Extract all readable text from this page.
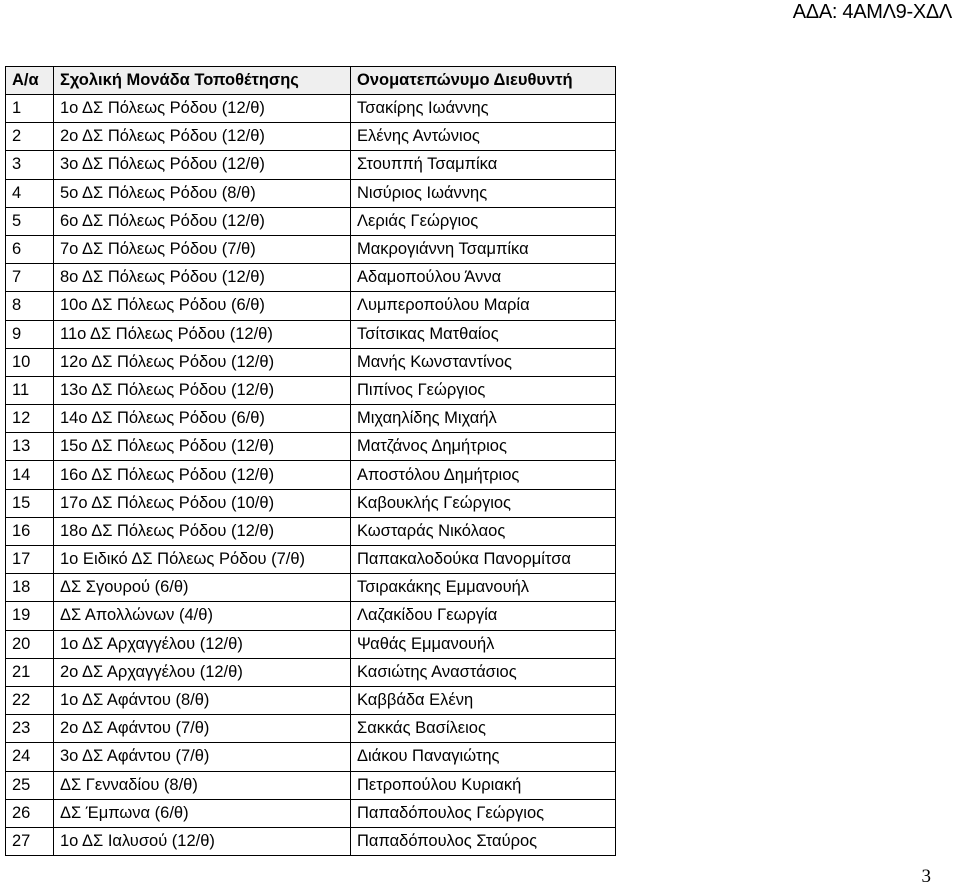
ΑΔΑ: 4ΑΜΛ9-ΧΔΛ
Α/α	Σχολική Μονάδα Τοποθέτησης	Ονοματεπώνυμο Διευθυντή
1	1ο ΔΣ Πόλεως Ρόδου (12/θ)	Τσακίρης Ιωάννης
2	2ο ΔΣ Πόλεως Ρόδου (12/θ)	Ελένης Αντώνιος
3	3ο ΔΣ Πόλεως Ρόδου (12/θ)	Στουππή Τσαμπίκα
4	5ο ΔΣ Πόλεως Ρόδου (8/θ)	Νισύριος Ιωάννης
5	6ο ΔΣ Πόλεως Ρόδου (12/θ)	Λεριάς Γεώργιος
6	7ο ΔΣ Πόλεως Ρόδου (7/θ)	Μακρογιάννη Τσαμπίκα
7	8ο ΔΣ Πόλεως Ρόδου (12/θ)	Αδαμοπούλου Άννα
8	10ο ΔΣ Πόλεως Ρόδου (6/θ)	Λυμπεροπούλου Μαρία
9	11ο ΔΣ Πόλεως Ρόδου (12/θ)	Τσίτσικας Ματθαίος
10	12ο ΔΣ Πόλεως Ρόδου (12/θ)	Μανής Κωνσταντίνος
11	13ο ΔΣ Πόλεως Ρόδου (12/θ)	Πιπίνος Γεώργιος
12	14ο ΔΣ Πόλεως Ρόδου (6/θ)	Μιχαηλίδης Μιχαήλ
13	15ο ΔΣ Πόλεως Ρόδου (12/θ)	Ματζάνος Δημήτριος
14	16ο ΔΣ Πόλεως Ρόδου (12/θ)	Αποστόλου Δημήτριος
15	17ο ΔΣ Πόλεως Ρόδου (10/θ)	Καβουκλής Γεώργιος
16	18ο ΔΣ Πόλεως Ρόδου (12/θ)	Κωσταράς Νικόλαος
17	1ο Ειδικό ΔΣ Πόλεως Ρόδου (7/θ)	Παπακαλοδούκα Πανορμίτσα
18	ΔΣ Σγουρού (6/θ)	Τσιρακάκης Εμμανουήλ
19	ΔΣ Απολλώνων (4/θ)	Λαζακίδου Γεωργία
20	1ο ΔΣ Αρχαγγέλου (12/θ)	Ψαθάς Εμμανουήλ
21	2ο ΔΣ Αρχαγγέλου (12/θ)	Κασιώτης Αναστάσιος
22	1ο ΔΣ Αφάντου (8/θ)	Καββάδα Ελένη
23	2ο ΔΣ Αφάντου (7/θ)	Σακκάς Βασίλειος
24	3ο ΔΣ Αφάντου (7/θ)	Διάκου Παναγιώτης
25	ΔΣ Γενναδίου (8/θ)	Πετροπούλου Κυριακή
26	ΔΣ Έμπωνα (6/θ)	Παπαδόπουλος Γεώργιος
27	1ο ΔΣ Ιαλυσού (12/θ)	Παπαδόπουλος Σταύρος
3
